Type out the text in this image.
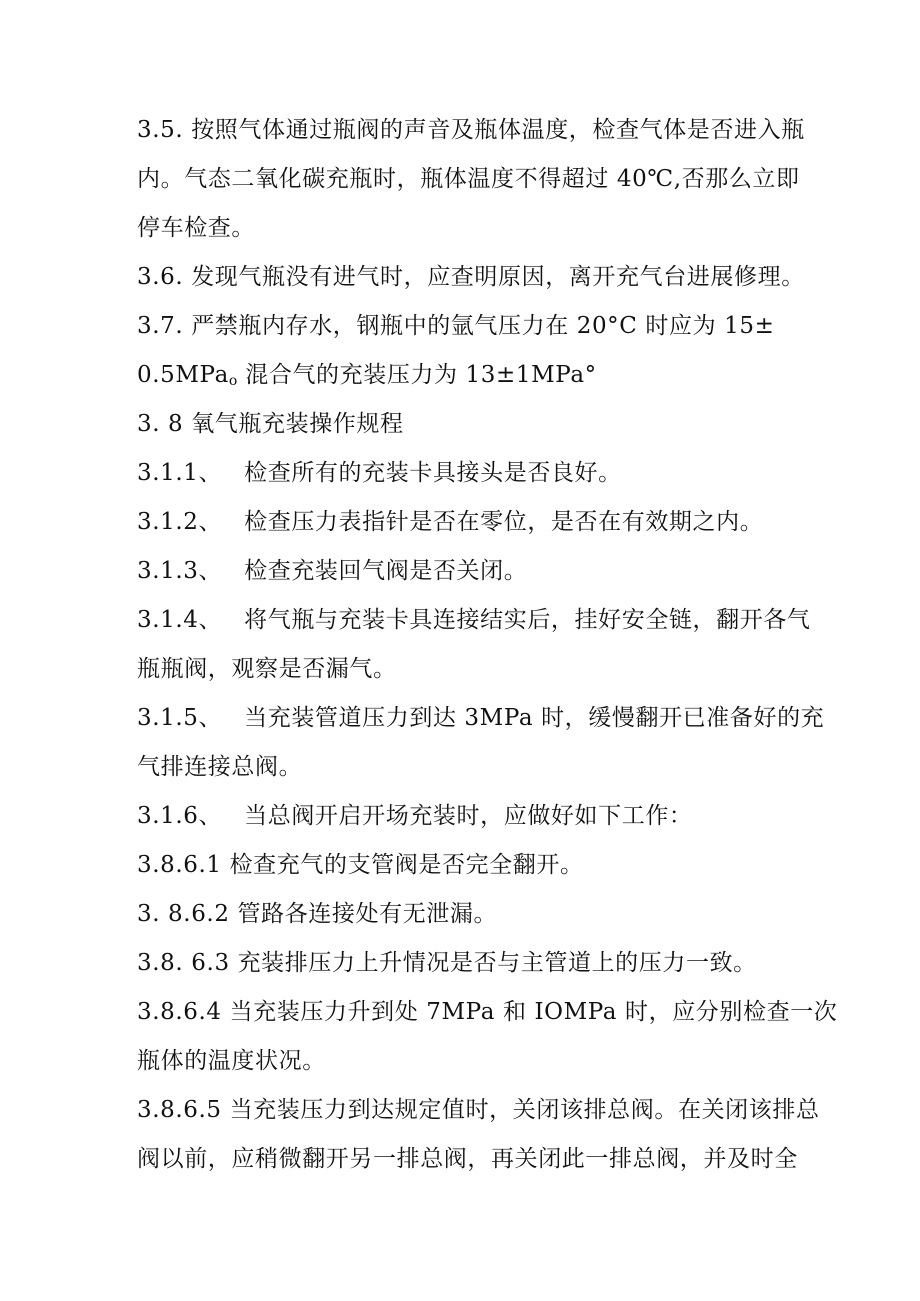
3.5. 按照气体通过瓶阀的声音及瓶体温度，检查气体是否进入瓶
内。气态二氧化碳充瓶时，瓶体温度不得超过 40℃,否那么立即
停车检查。
3.6. 发现气瓶没有进气时，应查明原因，离开充气台进展修理。
3.7. 严禁瓶内存水，钢瓶中的氩气压力在 20°C 时应为 15±
0.5MPa$_o$ 混合气的充装压力为 13±1MPa°
3. 8 氧气瓶充装操作规程
3.1.1、 检查所有的充装卡具接头是否良好。
3.1.2、 检查压力表指针是否在零位，是否在有效期之内。
3.1.3、 检查充装回气阀是否关闭。
3.1.4、 将气瓶与充装卡具连接结实后，挂好安全链，翻开各气
瓶瓶阀，观察是否漏气。
3.1.5、 当充装管道压力到达 3MPa 时，缓慢翻开已准备好的充
气排连接总阀。
3.1.6、 当总阀开启开场充装时，应做好如下工作：
3.8.6.1 检查充气的支管阀是否完全翻开。
3. 8.6.2 管路各连接处有无泄漏。
3.8. 6.3 充装排压力上升情况是否与主管道上的压力一致。
3.8.6.4 当充装压力升到处 7MPa 和 IOMPa 时，应分别检查一次
瓶体的温度状况。
3.8.6.5 当充装压力到达规定值时，关闭该排总阀。在关闭该排总
阀以前，应稍微翻开另一排总阀，再关闭此一排总阀，并及时全
